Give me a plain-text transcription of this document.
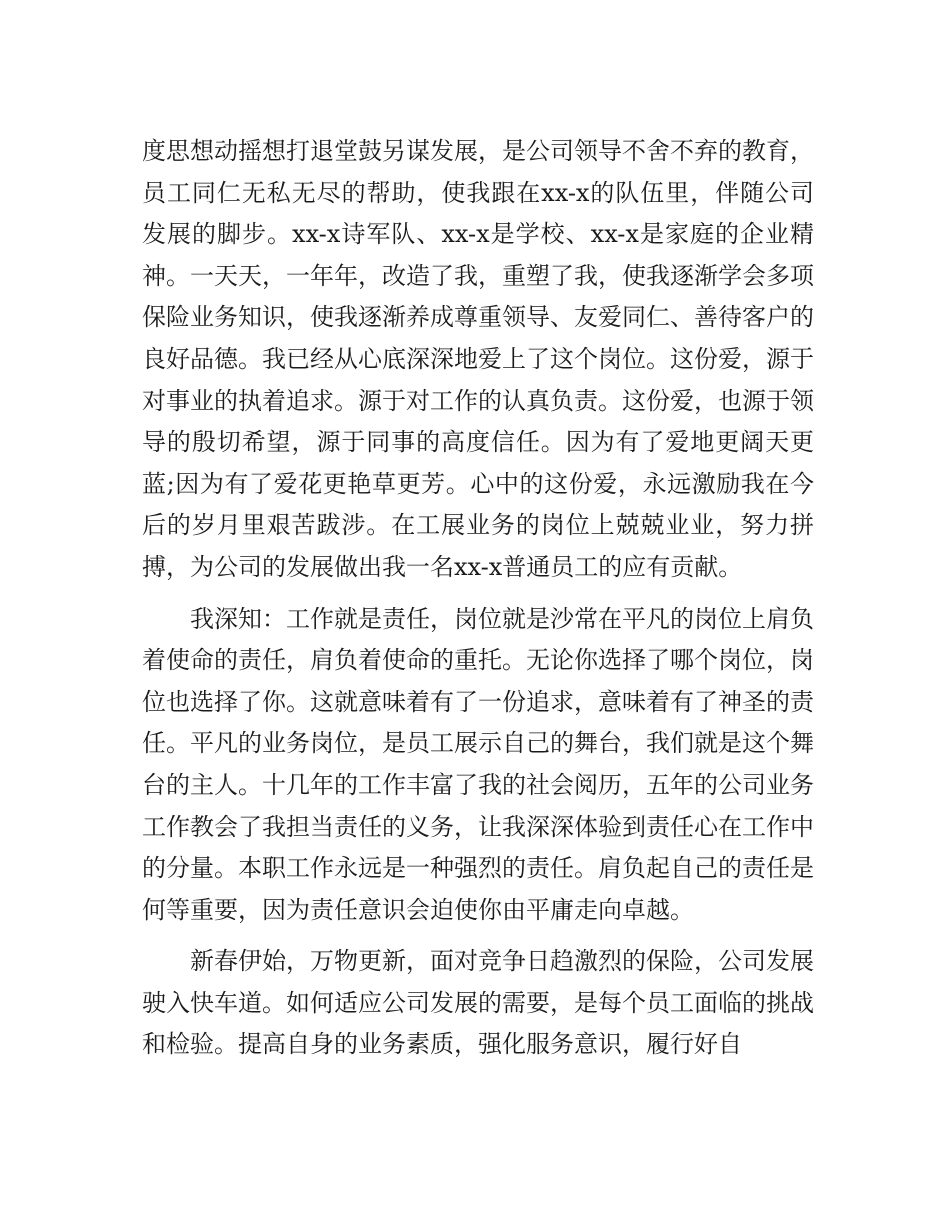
度思想动摇想打退堂鼓另谋发展，是公司领导不舍不弃的教育，员工同仁无私无尽的帮助，使我跟在xx-x的队伍里，伴随公司发展的脚步。xx-x诗军队、xx-x是学校、xx-x是家庭的企业精神。一天天，一年年，改造了我，重塑了我，使我逐渐学会多项保险业务知识，使我逐渐养成尊重领导、友爱同仁、善待客户的良好品德。我已经从心底深深地爱上了这个岗位。这份爱，源于对事业的执着追求。源于对工作的认真负责。这份爱，也源于领导的殷切希望，源于同事的高度信任。因为有了爱地更阔天更蓝;因为有了爱花更艳草更芳。心中的这份爱，永远激励我在今后的岁月里艰苦跋涉。在工展业务的岗位上兢兢业业，努力拼搏，为公司的发展做出我一名xx-x普通员工的应有贡献。

我深知：工作就是责任，岗位就是沙常在平凡的岗位上肩负着使命的责任，肩负着使命的重托。无论你选择了哪个岗位，岗位也选择了你。这就意味着有了一份追求，意味着有了神圣的责任。平凡的业务岗位，是员工展示自己的舞台，我们就是这个舞台的主人。十几年的工作丰富了我的社会阅历，五年的公司业务工作教会了我担当责任的义务，让我深深体验到责任心在工作中的分量。本职工作永远是一种强烈的责任。肩负起自己的责任是何等重要，因为责任意识会迫使你由平庸走向卓越。

新春伊始，万物更新，面对竞争日趋激烈的保险，公司发展驶入快车道。如何适应公司发展的需要，是每个员工面临的挑战和检验。提高自身的业务素质，强化服务意识，履行好自
